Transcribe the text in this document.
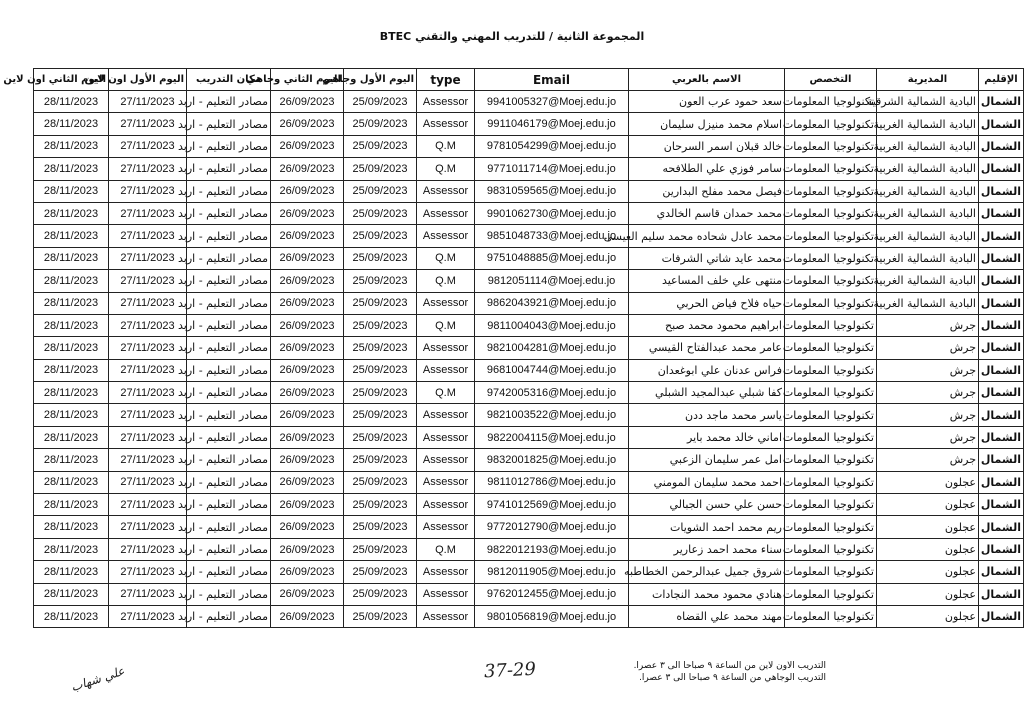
المجموعة الثانية / للتدريب المهني والتقني BTEC
الإقليم	المديرية	التخصص	الاسم بالعربي	Email	type	اليوم الأول وجاهي	اليوم الثاني وجاهي	مكان التدريب	اليوم الأول اون لاين	اليوم الثاني اون لاين
الشمال	البادية الشمالية الشرقية	تكنولوجيا المعلومات	سعد حمود عرب العون	9941005327@Moej.edu.jo	Assessor	25/09/2023	26/09/2023	مصادر التعليم - اربد	27/11/2023	28/11/2023
الشمال	البادية الشمالية الغربية	تكنولوجيا المعلومات	اسلام محمد منيزل سليمان	9911046179@Moej.edu.jo	Assessor	25/09/2023	26/09/2023	مصادر التعليم - اربد	27/11/2023	28/11/2023
الشمال	البادية الشمالية الغربية	تكنولوجيا المعلومات	خالد قبلان اسمر السرحان	9781054299@Moej.edu.jo	Q.M	25/09/2023	26/09/2023	مصادر التعليم - اربد	27/11/2023	28/11/2023
الشمال	البادية الشمالية الغربية	تكنولوجيا المعلومات	سامر فوزي علي الطلافحه	9771011714@Moej.edu.jo	Q.M	25/09/2023	26/09/2023	مصادر التعليم - اربد	27/11/2023	28/11/2023
الشمال	البادية الشمالية الغربية	تكنولوجيا المعلومات	فيصل محمد مفلح البدارين	9831059565@Moej.edu.jo	Assessor	25/09/2023	26/09/2023	مصادر التعليم - اربد	27/11/2023	28/11/2023
الشمال	البادية الشمالية الغربية	تكنولوجيا المعلومات	محمد حمدان قاسم الخالدي	9901062730@Moej.edu.jo	Assessor	25/09/2023	26/09/2023	مصادر التعليم - اربد	27/11/2023	28/11/2023
الشمال	البادية الشمالية الغربية	تكنولوجيا المعلومات	محمد عادل شحاده محمد سليم العيسى	9851048733@Moej.edu.jo	Assessor	25/09/2023	26/09/2023	مصادر التعليم - اربد	27/11/2023	28/11/2023
الشمال	البادية الشمالية الغربية	تكنولوجيا المعلومات	محمد عايد شاتي الشرفات	9751048885@Moej.edu.jo	Q.M	25/09/2023	26/09/2023	مصادر التعليم - اربد	27/11/2023	28/11/2023
الشمال	البادية الشمالية الغربية	تكنولوجيا المعلومات	منتهى علي خلف المساعيد	9812051114@Moej.edu.jo	Q.M	25/09/2023	26/09/2023	مصادر التعليم - اربد	27/11/2023	28/11/2023
الشمال	البادية الشمالية الغربية	تكنولوجيا المعلومات	حياه فلاح فياض الحربي	9862043921@Moej.edu.jo	Assessor	25/09/2023	26/09/2023	مصادر التعليم - اربد	27/11/2023	28/11/2023
الشمال	جرش	تكنولوجيا المعلومات	ابراهيم محمود محمد صبح	9811004043@Moej.edu.jo	Q.M	25/09/2023	26/09/2023	مصادر التعليم - اربد	27/11/2023	28/11/2023
الشمال	جرش	تكنولوجيا المعلومات	عامر محمد عبدالفتاح القيسي	9821004281@Moej.edu.jo	Assessor	25/09/2023	26/09/2023	مصادر التعليم - اربد	27/11/2023	28/11/2023
الشمال	جرش	تكنولوجيا المعلومات	فراس عدنان علي ابوغعدان	9681004744@Moej.edu.jo	Assessor	25/09/2023	26/09/2023	مصادر التعليم - اربد	27/11/2023	28/11/2023
الشمال	جرش	تكنولوجيا المعلومات	كفا شبلي عبدالمجيد الشبلي	9742005316@Moej.edu.jo	Q.M	25/09/2023	26/09/2023	مصادر التعليم - اربد	27/11/2023	28/11/2023
الشمال	جرش	تكنولوجيا المعلومات	ياسر محمد ماجد ددن	9821003522@Moej.edu.jo	Assessor	25/09/2023	26/09/2023	مصادر التعليم - اربد	27/11/2023	28/11/2023
الشمال	جرش	تكنولوجيا المعلومات	اماني خالد محمد باير	9822004115@Moej.edu.jo	Assessor	25/09/2023	26/09/2023	مصادر التعليم - اربد	27/11/2023	28/11/2023
الشمال	جرش	تكنولوجيا المعلومات	امل عمر سليمان الزعبي	9832001825@Moej.edu.jo	Assessor	25/09/2023	26/09/2023	مصادر التعليم - اربد	27/11/2023	28/11/2023
الشمال	عجلون	تكنولوجيا المعلومات	احمد محمد سليمان المومني	9811012786@Moej.edu.jo	Assessor	25/09/2023	26/09/2023	مصادر التعليم - اربد	27/11/2023	28/11/2023
الشمال	عجلون	تكنولوجيا المعلومات	حسن علي حسن الجبالي	9741012569@Moej.edu.jo	Assessor	25/09/2023	26/09/2023	مصادر التعليم - اربد	27/11/2023	28/11/2023
الشمال	عجلون	تكنولوجيا المعلومات	ريم محمد احمد الشويات	9772012790@Moej.edu.jo	Assessor	25/09/2023	26/09/2023	مصادر التعليم - اربد	27/11/2023	28/11/2023
الشمال	عجلون	تكنولوجيا المعلومات	سناء محمد احمد زعارير	9822012193@Moej.edu.jo	Q.M	25/09/2023	26/09/2023	مصادر التعليم - اربد	27/11/2023	28/11/2023
الشمال	عجلون	تكنولوجيا المعلومات	شروق جميل عبدالرحمن الخطاطبه	9812011905@Moej.edu.jo	Assessor	25/09/2023	26/09/2023	مصادر التعليم - اربد	27/11/2023	28/11/2023
الشمال	عجلون	تكنولوجيا المعلومات	هنادي محمود محمد النجادات	9762012455@Moej.edu.jo	Assessor	25/09/2023	26/09/2023	مصادر التعليم - اربد	27/11/2023	28/11/2023
الشمال	عجلون	تكنولوجيا المعلومات	مهند محمد علي القضاه	9801056819@Moej.edu.jo	Assessor	25/09/2023	26/09/2023	مصادر التعليم - اربد	27/11/2023	28/11/2023
التدريب الاون لاين من الساعة ٩ صباحا الى ٣ عصرا.
التدريب الوجاهي من الساعة ٩ صباحا الى ٣ عصرا.
37-29
علي شهاب
